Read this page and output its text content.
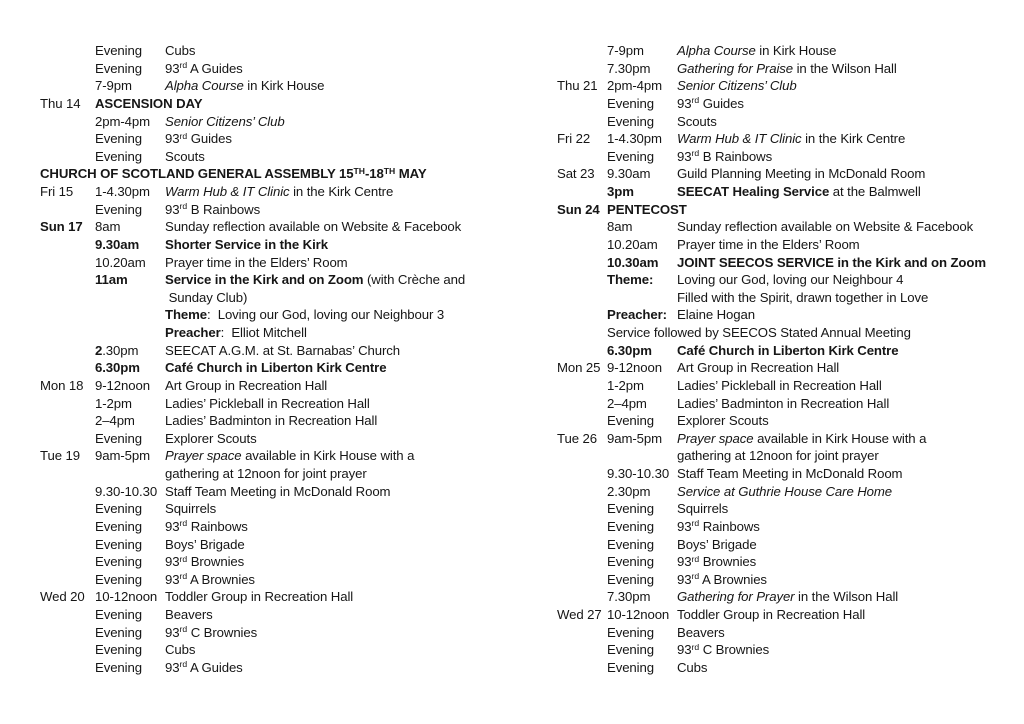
Evening	Cubs
Evening	93rd A Guides
7-9pm	Alpha Course in Kirk House
Thu 14	ASCENSION DAY
2pm-4pm	Senior Citizens’ Club
Evening	93rd Guides
Evening	Scouts
CHURCH OF SCOTLAND GENERAL ASSEMBLY 15TH-18TH MAY
Fri 15	1-4.30pm	Warm Hub & IT Clinic in the Kirk Centre
Evening	93rd B Rainbows
Sun 17 8am	Sunday reflection available on Website & Facebook
9.30am	Shorter Service in the Kirk
10.20am	Prayer time in the Elders’ Room
11am	Service in the Kirk and on Zoom (with Crèche and
Sunday Club)
Theme:  Loving our God, loving our Neighbour 3
Preacher:  Elliot Mitchell
2.30pm	SEECAT A.G.M. at St. Barnabas’ Church
6.30pm	Café Church in Liberton Kirk Centre
Mon 18 9-12noon	Art Group in Recreation Hall
1-2pm	Ladies’ Pickleball in Recreation Hall
2–4pm	Ladies’ Badminton in Recreation Hall
Evening	Explorer Scouts
Tue 19	9am-5pm	Prayer space available in Kirk House with a
gathering at 12noon for joint prayer
9.30-10.30 Staff Team Meeting in McDonald Room
Evening	Squirrels
Evening	93rd Rainbows
Evening	Boys’ Brigade
Evening	93rd Brownies
Evening	93rd A Brownies
Wed 20 10-12noon Toddler Group in Recreation Hall
Evening	Beavers
Evening	93rd C Brownies
Evening	Cubs
Evening	93rd A Guides
7-9pm	Alpha Course in Kirk House
7.30pm	Gathering for Praise in the Wilson Hall
Thu 21 2pm-4pm	Senior Citizens’ Club
Evening	93rd Guides
Evening	Scouts
Fri 22	1-4.30pm	Warm Hub & IT Clinic in the Kirk Centre
Evening	93rd B Rainbows
Sat 23 9.30am	Guild Planning Meeting in McDonald Room
3pm	SEECAT Healing Service at the Balmwell
Sun 24 PENTECOST
8am	Sunday reflection available on Website & Facebook
10.20am	Prayer time in the Elders’ Room
10.30am	JOINT SEECOS SERVICE in the Kirk and on Zoom
Theme:	Loving our God, loving our Neighbour 4
Filled with the Spirit, drawn together in Love
Preacher: Elaine Hogan
Service followed by SEECOS Stated Annual Meeting
6.30pm	Café Church in Liberton Kirk Centre
Mon 25 9-12noon	Art Group in Recreation Hall
1-2pm	Ladies’ Pickleball in Recreation Hall
2–4pm	Ladies’ Badminton in Recreation Hall
Evening	Explorer Scouts
Tue 26 9am-5pm	Prayer space available in Kirk House with a
gathering at 12noon for joint prayer
9.30-10.30 Staff Team Meeting in McDonald Room
2.30pm	Service at Guthrie House Care Home
Evening	Squirrels
Evening	93rd Rainbows
Evening	Boys’ Brigade
Evening	93rd Brownies
Evening	93rd A Brownies
7.30pm	Gathering for Prayer in the Wilson Hall
Wed 27 10-12noon Toddler Group in Recreation Hall
Evening	Beavers
Evening	93rd C Brownies
Evening	Cubs
